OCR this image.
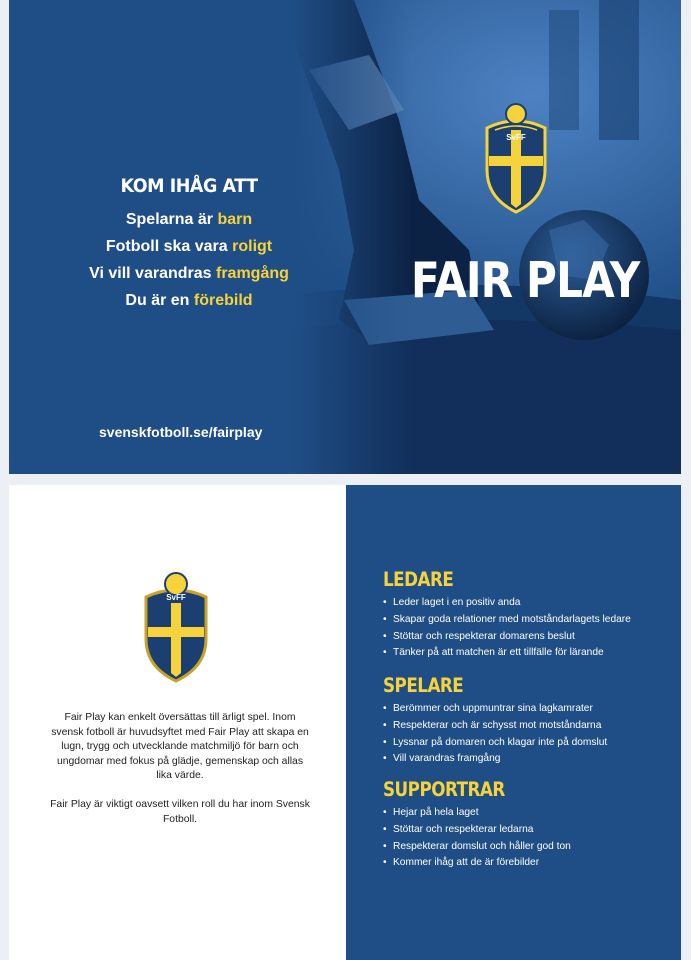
KOM IHÅG ATT
Spelarna är barn
Fotboll ska vara roligt
Vi vill varandras framgång
Du är en förebild
svenskfotboll.se/fairplay
SvFF
FAIR PLAY
SvFF

Fair Play kan enkelt översättas till ärligt spel. Inom svensk fotboll är huvudsyftet med Fair Play att skapa en lugn, trygg och utvecklande matchmiljö för barn och ungdomar med fokus på glädje, gemenskap och allas lika värde.

Fair Play är viktigt oavsett vilken roll du har inom Svensk Fotboll.

LEDARE
• Leder laget i en positiv anda
• Skapar goda relationer med motståndarlagets ledare
• Stöttar och respekterar domarens beslut
• Tänker på att matchen är ett tillfälle för lärande
SPELARE
• Berömmer och uppmuntrar sina lagkamrater
• Respekterar och är schysst mot motståndarna
• Lyssnar på domaren och klagar inte på domslut
• Vill varandras framgång
SUPPORTRAR
• Hejar på hela laget
• Stöttar och respekterar ledarna
• Respekterar domslut och håller god ton
• Kommer ihåg att de är förebilder
